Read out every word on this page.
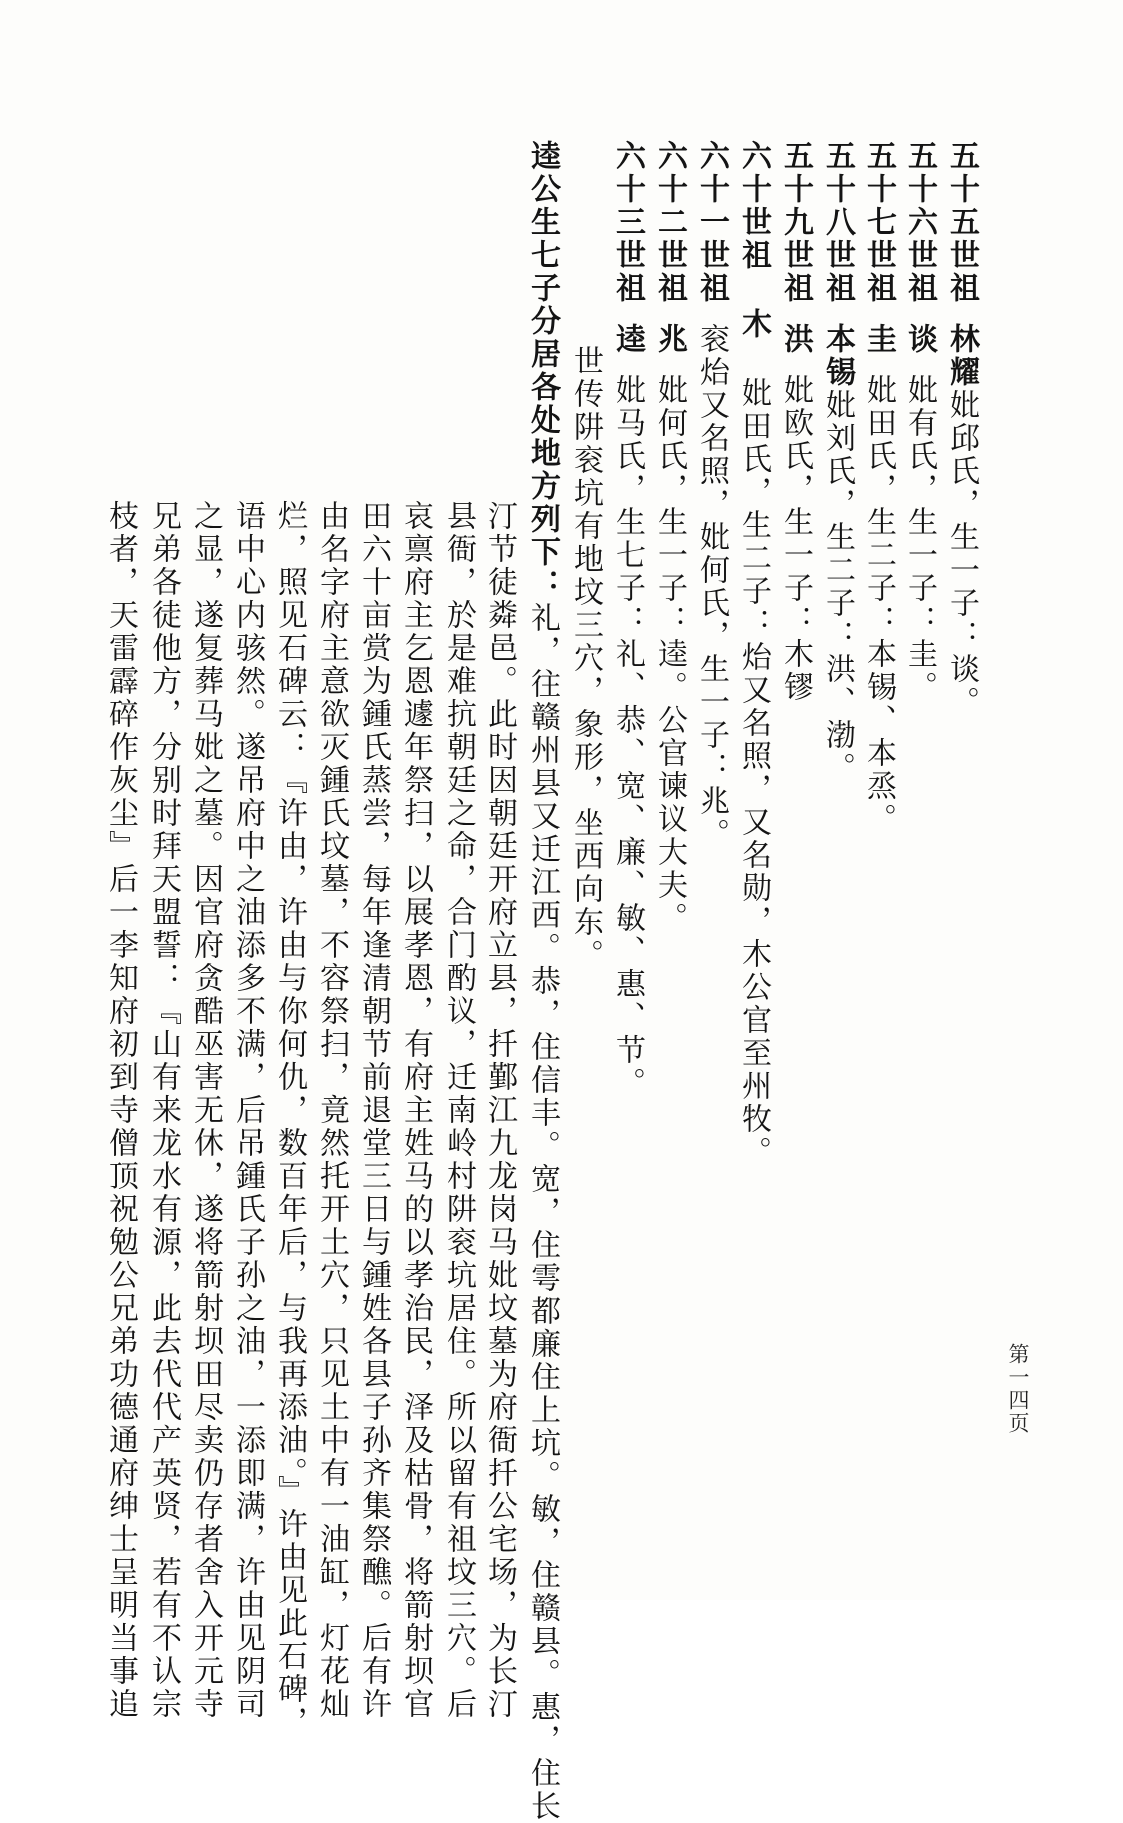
五十五世祖林耀妣邱氏，生一子：谈。
五十六世祖谈妣有氏，生一子：圭。
五十七世祖圭妣田氏，生二子：本锡、本烝。
五十八世祖本锡妣刘氏，生二子：洪、渤。
五十九世祖洪妣欧氏，生一子：木镠
六十世祖木妣田氏，生二子：炲又名照，又名勋，木公官至州牧。
六十一世祖衮炲又名照，妣何氏，生一子：兆。
六十二世祖兆妣何氏，生一子：逵。公官谏议大夫。
六十三世祖逵妣马氏，生七子：礼、恭、宽、廉、敏、惠、节。
世传阱衮坑有地坟三穴，象形，坐西向东。
逵公生七子分居各处地方列下：礼，往赣州县又迁江西。恭，住信丰。宽，住雩都廉住上坑。敏，住赣县。惠，住长
汀节徒粦邑。此时因朝廷开府立县，扦鄞江九龙岗马妣坟墓为府衙扦公宅场，为长汀
县衙，於是难抗朝廷之命，合门酌议，迁南岭村阱衮坑居住。所以留有祖坟三穴。后
哀禀府主乞恩遽年祭扫，以展孝恩，有府主姓马的以孝治民，泽及枯骨，将箭射坝官
田六十亩赏为鍾氏蒸尝，每年逢清朝节前退堂三日与鍾姓各县子孙齐集祭醮。后有许
由名字府主意欲灭鍾氏坟墓，不容祭扫，竟然托开土穴，只见土中有一油缸，灯花灿
烂，照见石碑云：『许由，许由与你何仇，数百年后，与我再添油。』许由见此石碑，
语中心内骇然。遂吊府中之油添多不满，后吊鍾氏子孙之油，一添即满，许由见阴司
之显，遂复葬马妣之墓。因官府贪酷巫害无休，遂将箭射坝田尽卖仍存者舍入开元寺
兄弟各徒他方，分别时拜天盟誓：『山有来龙水有源，此去代代产英贤，若有不认宗
枝者，天雷霹碎作灰尘』后一李知府初到寺僧顶祝勉公兄弟功德通府绅士呈明当事追	第一四页
